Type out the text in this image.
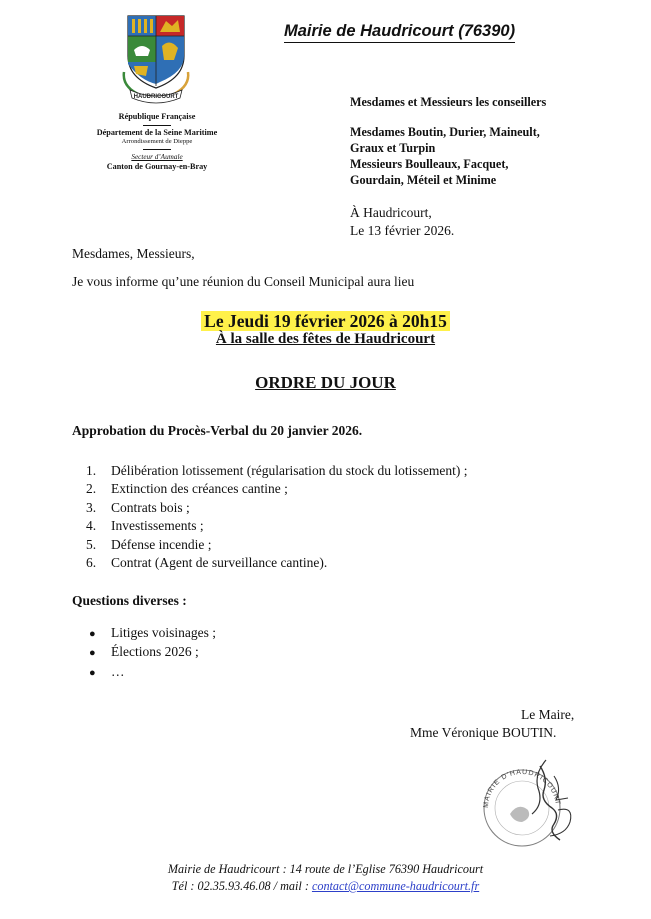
HAUDRICOURT
Mairie de Haudricourt (76390)
République Française
Département de la Seine Maritime
Arrondissement de Dieppe
Secteur d’Aumale
Canton de Gournay-en-Bray
Mesdames et Messieurs les conseillers
Mesdames Boutin, Durier, Maineult,
Graux et Turpin
Messieurs Boulleaux, Facquet,
Gourdain, Méteil et Minime
À Haudricourt,
Le 13 février 2026.
Mesdames, Messieurs,
Je vous informe qu’une réunion du Conseil Municipal aura lieu
Le Jeudi 19 février 2026 à 20h15
À la salle des fêtes de Haudricourt
ORDRE DU JOUR
Approbation du Procès-Verbal du 20 janvier 2026.
1. Délibération lotissement (régularisation du stock du lotissement) ;
2. Extinction des créances cantine ;
3. Contrats bois ;
4. Investissements ;
5. Défense incendie ;
6. Contrat (Agent de surveillance cantine).
Questions diverses :
● Litiges voisinages ;
● Élections 2026 ;
● …
Le Maire,
Mme Véronique BOUTIN.
MAIRIE D'HAUDRICOURT
Mairie de Haudricourt : 14 route de l’Eglise 76390 Haudricourt
Tél : 02.35.93.46.08 / mail : contact@commune-haudricourt.fr
